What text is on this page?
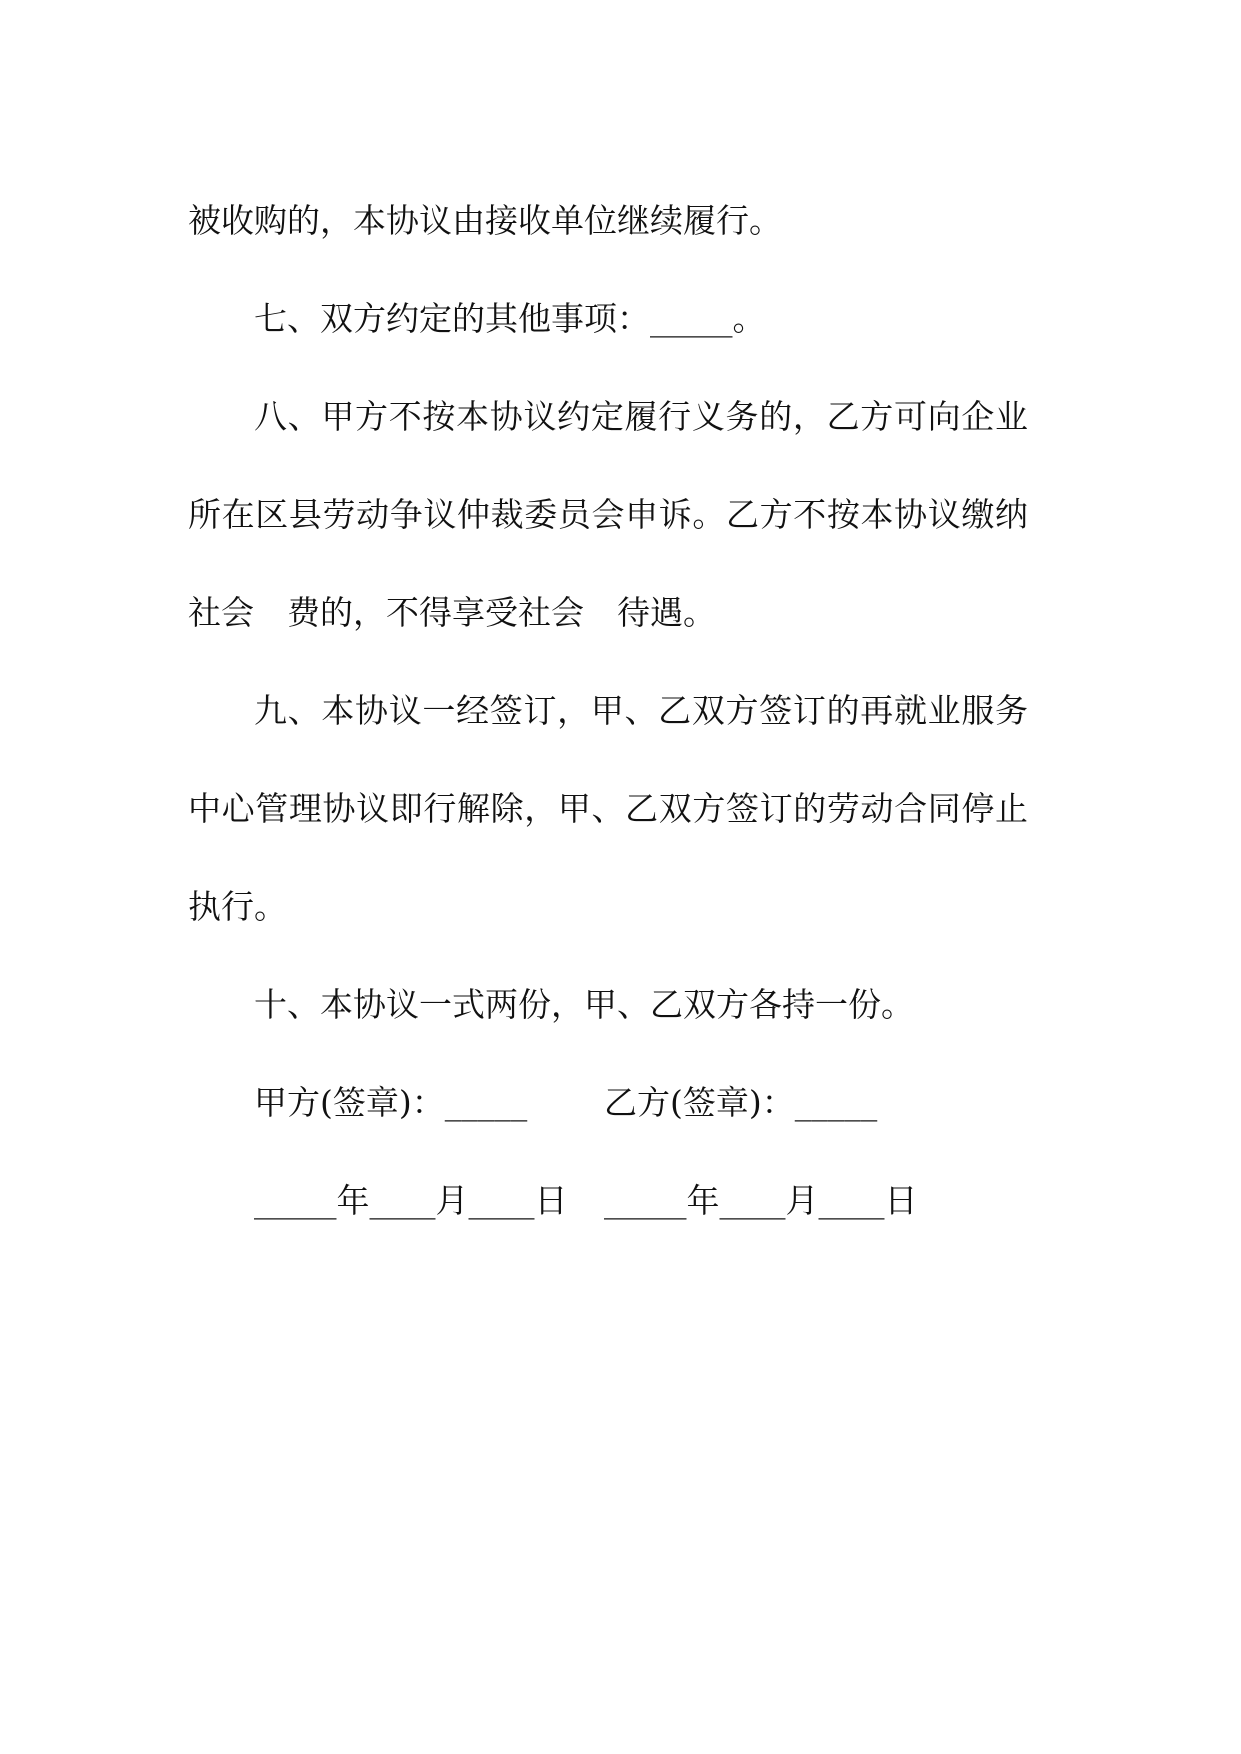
被收购的，本协议由接收单位继续履行。

七、双方约定的其他事项：_____。

八、甲方不按本协议约定履行义务的，乙方可向企业所在区县劳动争议仲裁委员会申诉。乙方不按本协议缴纳社会　费的，不得享受社会　待遇。

九、本协议一经签订，甲、乙双方签订的再就业服务中心管理协议即行解除，甲、乙双方签订的劳动合同停止执行。

十、本协议一式两份，甲、乙双方各持一份。

甲方(签章)：_____ 乙方(签章)：_____

_____年____月____日 _____年____月____日
